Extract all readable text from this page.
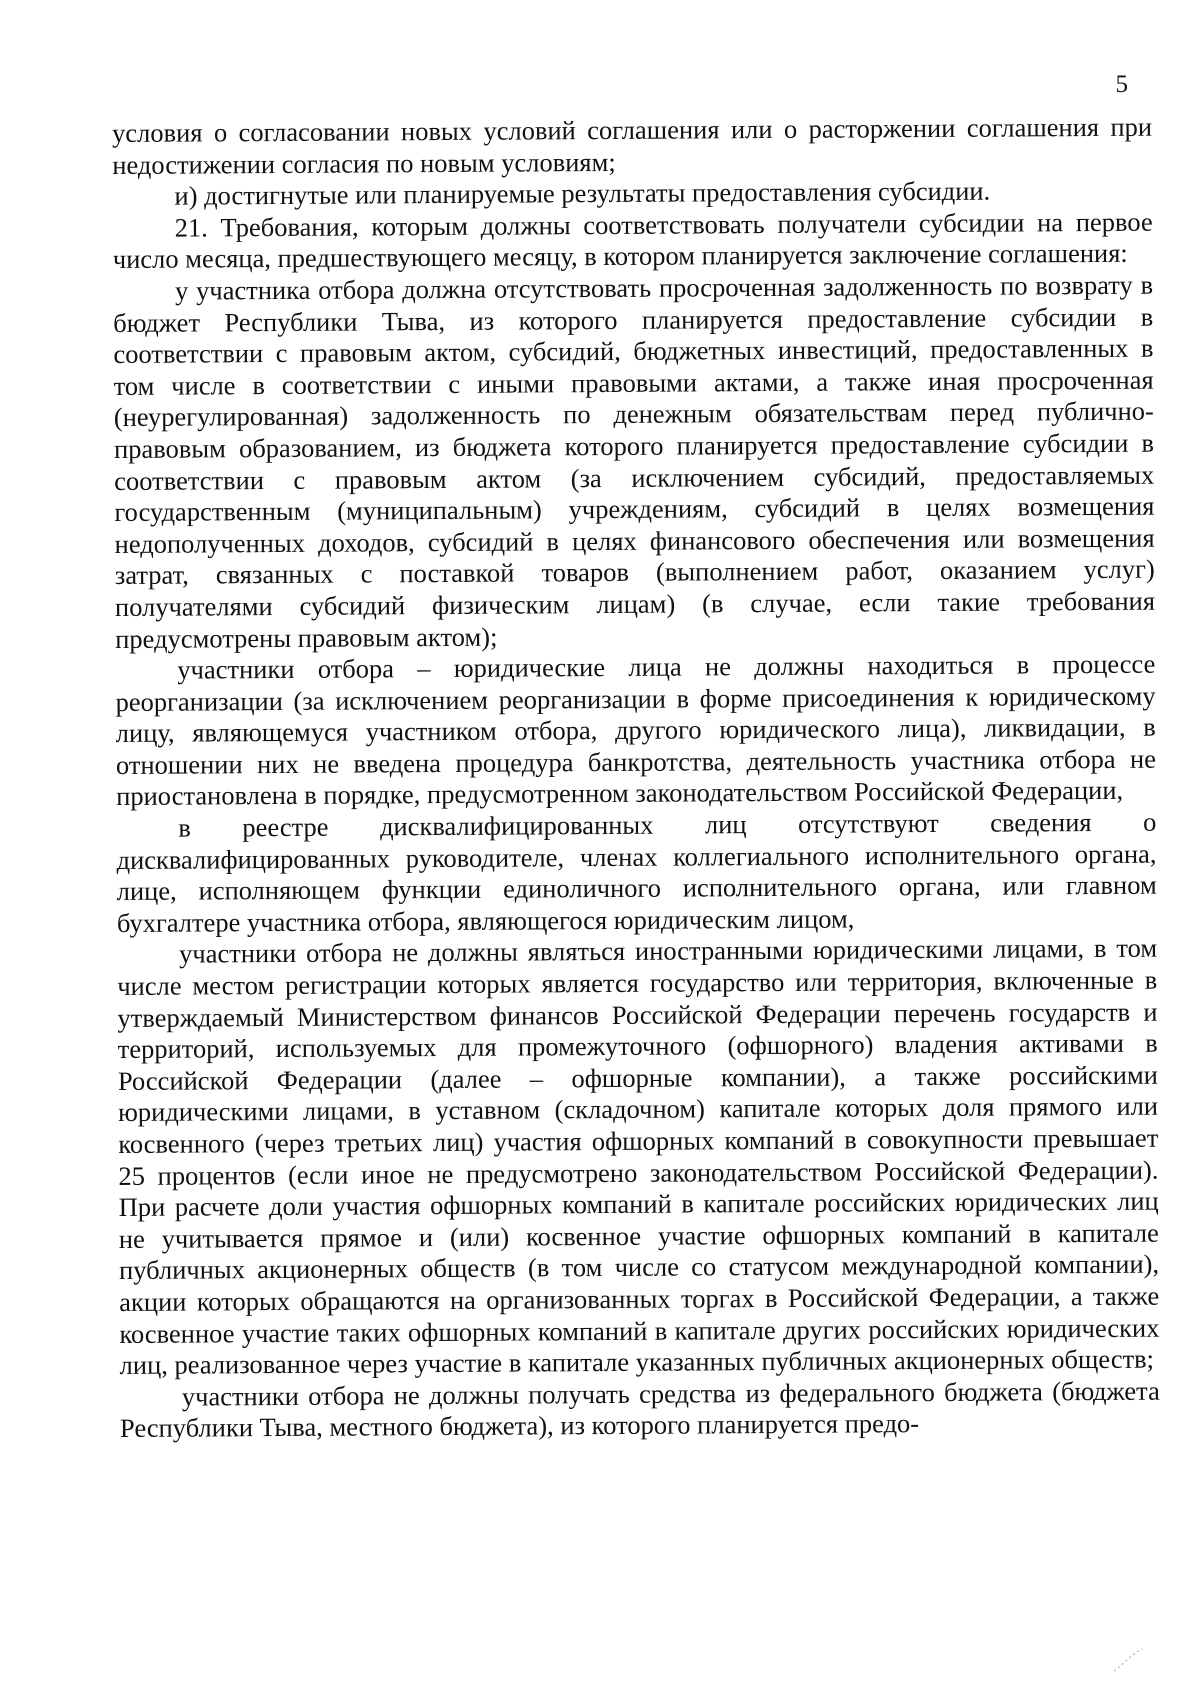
5

условия о согласовании новых условий соглашения или о расторжении соглашения при недостижении согласия по новым условиям;

и) достигнутые или планируемые результаты предоставления субсидии.

21. Требования, которым должны соответствовать получатели субсидии на первое число месяца, предшествующего месяцу, в котором планируется заключение соглашения:

у участника отбора должна отсутствовать просроченная задолженность по возврату в бюджет Республики Тыва, из которого планируется предоставление субсидии в соответствии с правовым актом, субсидий, бюджетных инвестиций, предоставленных в том числе в соответствии с иными правовыми актами, а также иная просроченная (неурегулированная) задолженность по денежным обязательствам перед публично-правовым образованием, из бюджета которого планируется предоставление субсидии в соответствии с правовым актом (за исключением субсидий, предоставляемых государственным (муниципальным) учреждениям, субсидий в целях возмещения недополученных доходов, субсидий в целях финансового обеспечения или возмещения затрат, связанных с поставкой товаров (выполнением работ, оказанием услуг) получателями субсидий физическим лицам) (в случае, если такие требования предусмотрены правовым актом);

участники отбора – юридические лица не должны находиться в процессе реорганизации (за исключением реорганизации в форме присоединения к юридическому лицу, являющемуся участником отбора, другого юридического лица), ликвидации, в отношении них не введена процедура банкротства, деятельность участника отбора не приостановлена в порядке, предусмотренном законодательством Российской Федерации,

в реестре дисквалифицированных лиц отсутствуют сведения о дисквалифицированных руководителе, членах коллегиального исполнительного органа, лице, исполняющем функции единоличного исполнительного органа, или главном бухгалтере участника отбора, являющегося юридическим лицом,

участники отбора не должны являться иностранными юридическими лицами, в том числе местом регистрации которых является государство или территория, включенные в утверждаемый Министерством финансов Российской Федерации перечень государств и территорий, используемых для промежуточного (офшорного) владения активами в Российской Федерации (далее – офшорные компании), а также российскими юридическими лицами, в уставном (складочном) капитале которых доля прямого или косвенного (через третьих лиц) участия офшорных компаний в совокупности превышает 25 процентов (если иное не предусмотрено законодательством Российской Федерации). При расчете доли участия офшорных компаний в капитале российских юридических лиц не учитывается прямое и (или) косвенное участие офшорных компаний в капитале публичных акционерных обществ (в том числе со статусом международной компании), акции которых обращаются на организованных торгах в Российской Федерации, а также косвенное участие таких офшорных компаний в капитале других российских юридических лиц, реализованное через участие в капитале указанных публичных акционерных обществ;

участники отбора не должны получать средства из федерального бюджета (бюджета Республики Тыва, местного бюджета), из которого планируется предо-
